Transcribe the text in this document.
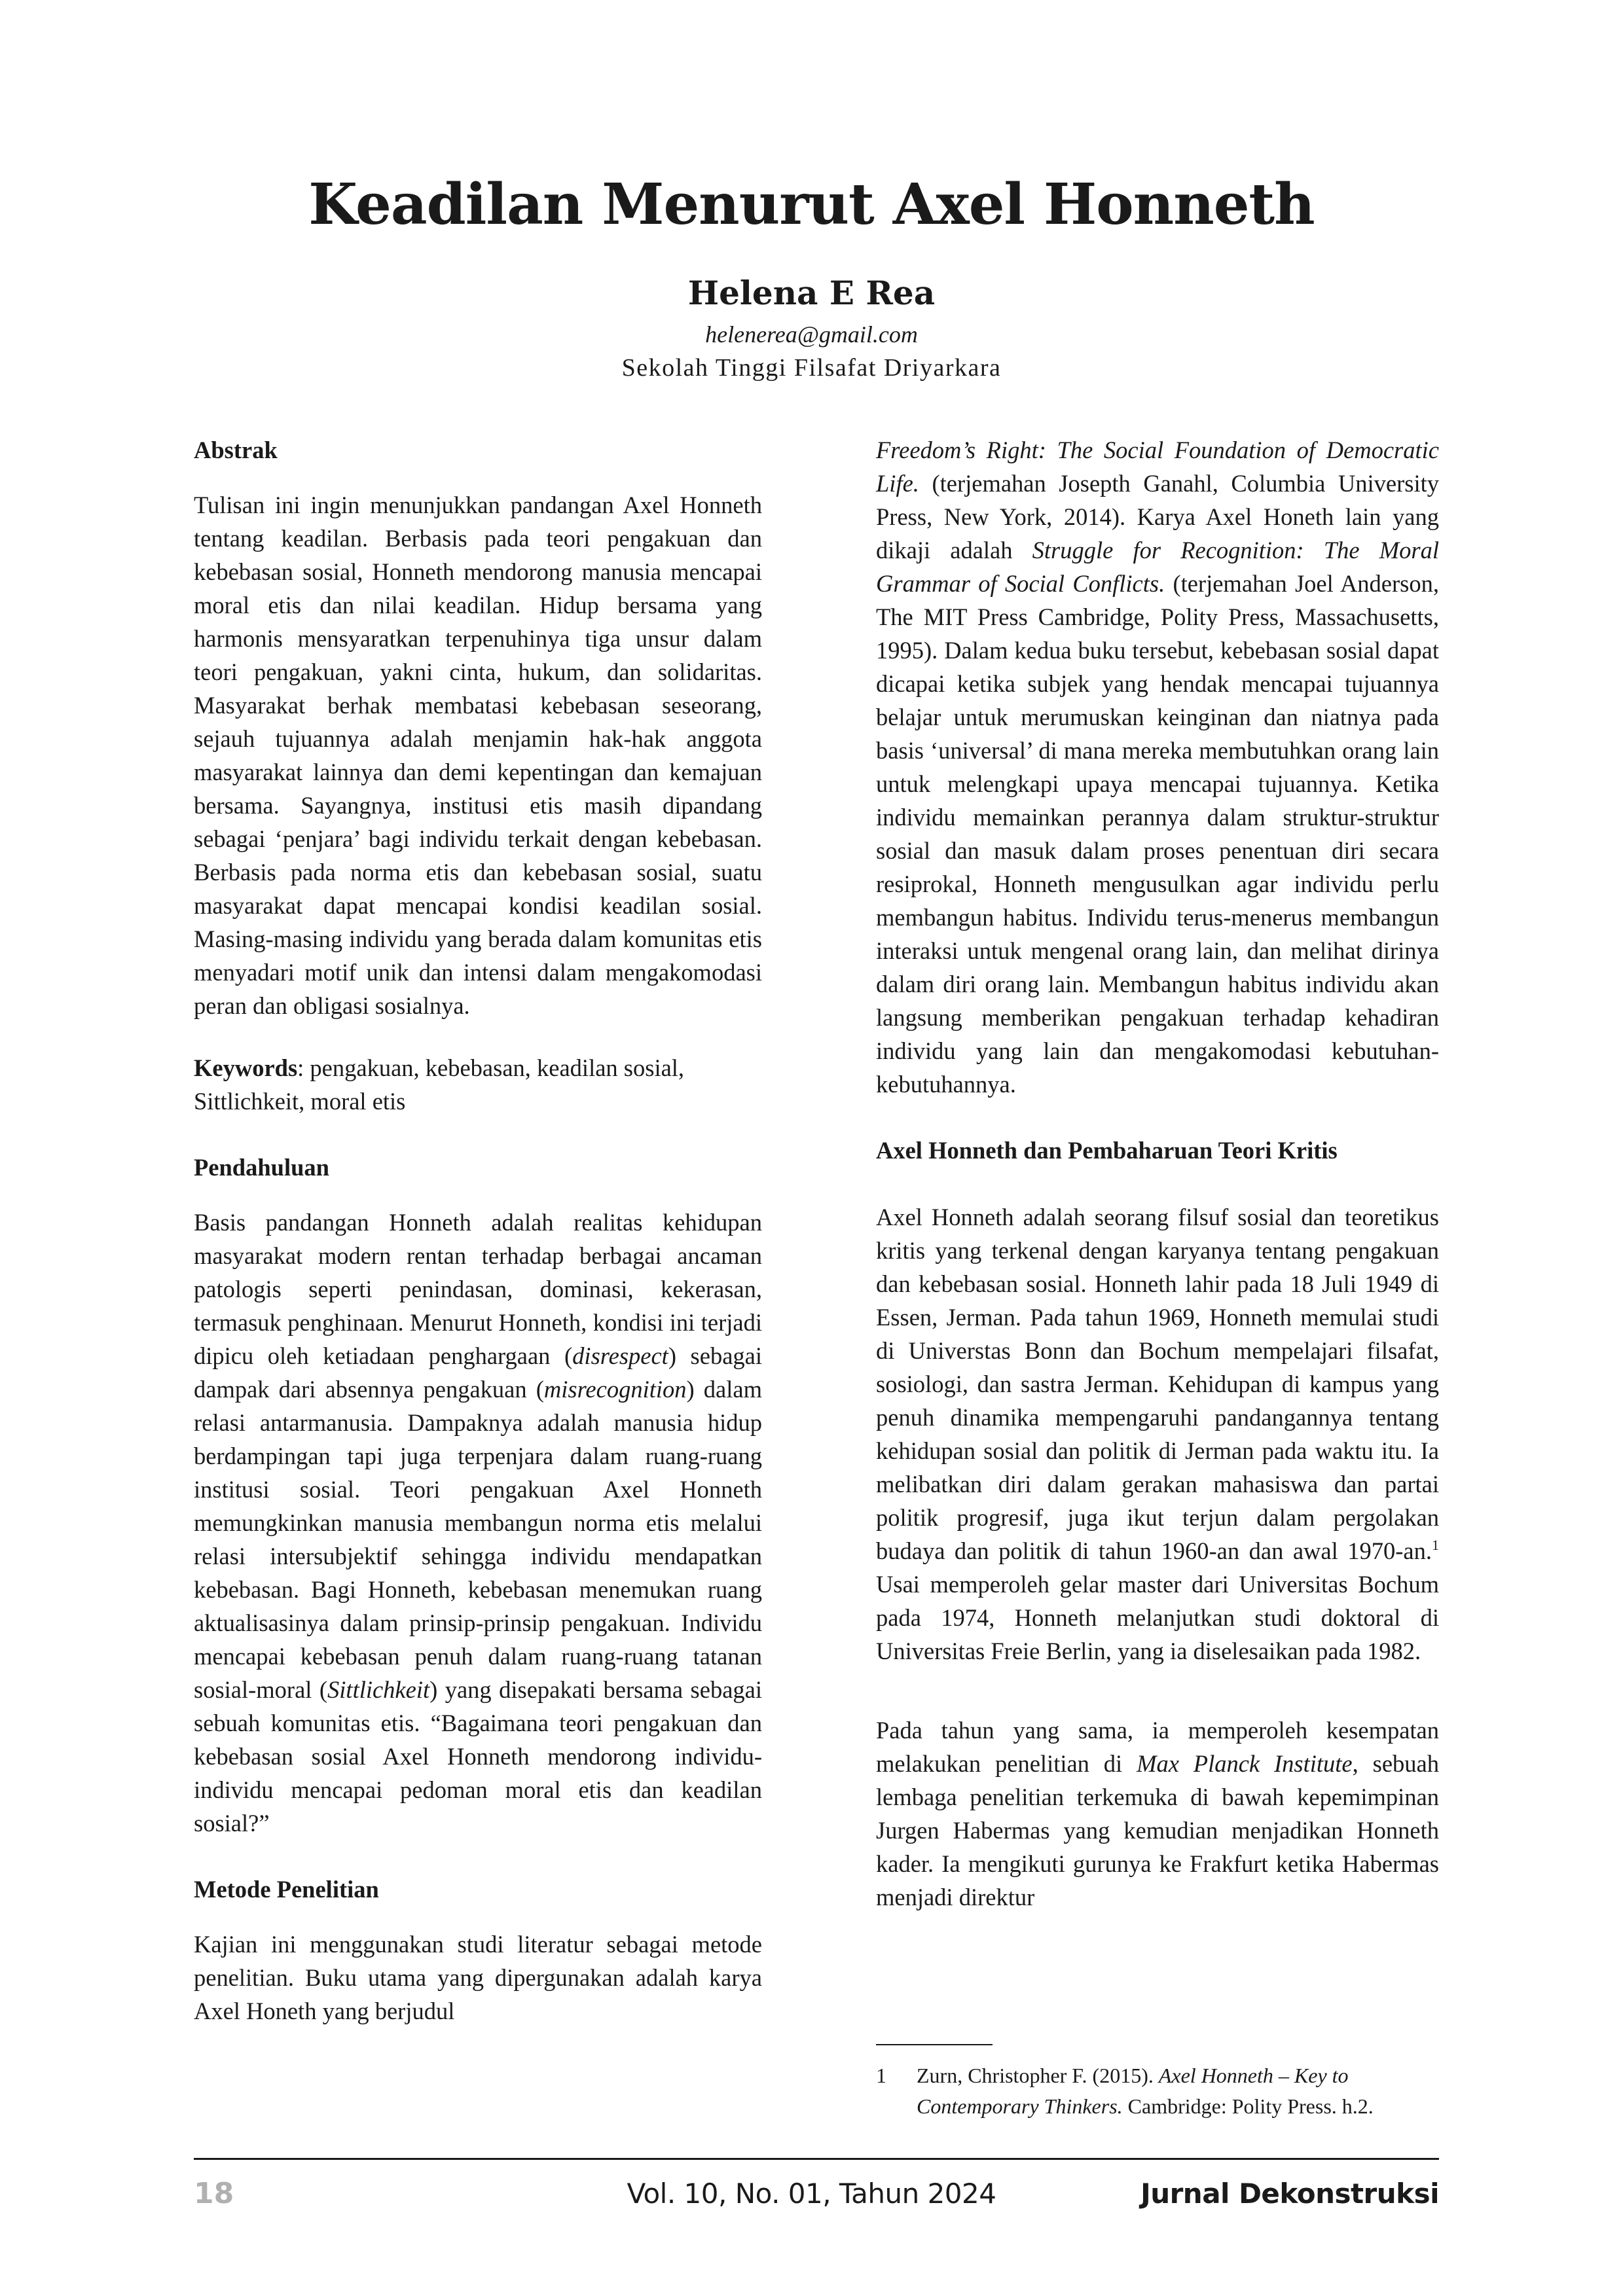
Keadilan Menurut Axel Honneth
Helena E Rea
helenerea@gmail.com
Sekolah Tinggi Filsafat Driyarkara
Abstrak

Tulisan ini ingin menunjukkan pandangan Axel Honneth tentang keadilan. Berbasis pada teori pengakuan dan kebebasan sosial, Honneth mendorong manusia mencapai moral etis dan nilai keadilan. Hidup bersama yang harmonis mensyaratkan terpenuhinya tiga unsur dalam teori pengakuan, yakni cinta, hukum, dan solidaritas. Masyarakat berhak membatasi kebebasan seseorang, sejauh tujuannya adalah menjamin hak-hak anggota masyarakat lainnya dan demi kepentingan dan kemajuan bersama. Sayangnya, institusi etis masih dipandang sebagai ‘penjara’ bagi individu terkait dengan kebebasan. Berbasis pada norma etis dan kebebasan sosial, suatu masyarakat dapat mencapai kondisi keadilan sosial. Masing-masing individu yang berada dalam komunitas etis menyadari motif unik dan intensi dalam mengakomodasi peran dan obligasi sosialnya.

Keywords: pengakuan, kebebasan, keadilan sosial, Sittlichkeit, moral etis

Pendahuluan

Basis pandangan Honneth adalah realitas kehidupan masyarakat modern rentan terhadap berbagai ancaman patologis seperti penindasan, dominasi, kekerasan, termasuk penghinaan. Menurut Honneth, kondisi ini terjadi dipicu oleh ketiadaan penghargaan (disrespect) sebagai dampak dari absennya pengakuan (misrecognition) dalam relasi antarmanusia. Dampaknya adalah manusia hidup berdampingan tapi juga terpenjara dalam ruang-ruang institusi sosial. Teori pengakuan Axel Honneth memungkinkan manusia membangun norma etis melalui relasi intersubjektif sehingga individu mendapatkan kebebasan. Bagi Honneth, kebebasan menemukan ruang aktualisasinya dalam prinsip-prinsip pengakuan. Individu mencapai kebebasan penuh dalam ruang-ruang tatanan sosial-moral (Sittlichkeit) yang disepakati bersama sebagai sebuah komunitas etis. “Bagaimana teori pengakuan dan kebebasan sosial Axel Honneth mendorong individu-individu mencapai pedoman moral etis dan keadilan sosial?”

Metode Penelitian

Kajian ini menggunakan studi literatur sebagai metode penelitian. Buku utama yang dipergunakan adalah karya Axel Honeth yang berjudul

Freedom’s Right: The Social Foundation of Democratic Life. (terjemahan Josepth Ganahl, Columbia University Press, New York, 2014). Karya Axel Honeth lain yang dikaji adalah Struggle for Recognition: The Moral Grammar of Social Conflicts. (terjemahan Joel Anderson, The MIT Press Cambridge, Polity Press, Massachusetts, 1995). Dalam kedua buku tersebut, kebebasan sosial dapat dicapai ketika subjek yang hendak mencapai tujuannya belajar untuk merumuskan keinginan dan niatnya pada basis ‘universal’ di mana mereka membutuhkan orang lain untuk melengkapi upaya mencapai tujuannya. Ketika individu memainkan perannya dalam struktur-struktur sosial dan masuk dalam proses penentuan diri secara resiprokal, Honneth mengusulkan agar individu perlu membangun habitus. Individu terus-menerus membangun interaksi untuk mengenal orang lain, dan melihat dirinya dalam diri orang lain. Membangun habitus individu akan langsung memberikan pengakuan terhadap kehadiran individu yang lain dan mengakomodasi kebutuhan-kebutuhannya.

Axel Honneth dan Pembaharuan Teori Kritis

Axel Honneth adalah seorang filsuf sosial dan teoretikus kritis yang terkenal dengan karyanya tentang pengakuan dan kebebasan sosial. Honneth lahir pada 18 Juli 1949 di Essen, Jerman. Pada tahun 1969, Honneth memulai studi di Universtas Bonn dan Bochum mempelajari filsafat, sosiologi, dan sastra Jerman. Kehidupan di kampus yang penuh dinamika mempengaruhi pandangannya tentang kehidupan sosial dan politik di Jerman pada waktu itu. Ia melibatkan diri dalam gerakan mahasiswa dan partai politik progresif, juga ikut terjun dalam pergolakan budaya dan politik di tahun 1960-an dan awal 1970-an.$^1$ Usai memperoleh gelar master dari Universitas Bochum pada 1974, Honneth melanjutkan studi doktoral di Universitas Freie Berlin, yang ia diselesaikan pada 1982.

Pada tahun yang sama, ia memperoleh kesempatan melakukan penelitian di Max Planck Institute, sebuah lembaga penelitian terkemuka di bawah kepemimpinan Jurgen Habermas yang kemudian menjadikan Honneth kader. Ia mengikuti gurunya ke Frakfurt ketika Habermas menjadi direktur

1 Zurn, Christopher F. (2015). Axel Honneth – Key to Contemporary Thinkers. Cambridge: Polity Press. h.2.
18	Vol. 10, No. 01, Tahun 2024	Jurnal Dekonstruksi
